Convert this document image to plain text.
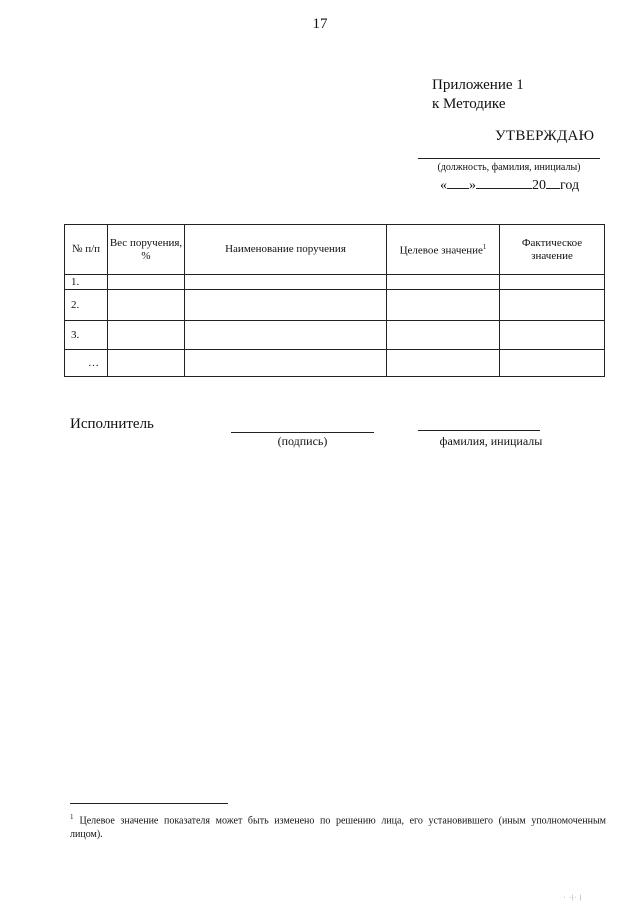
17
Приложение 1
к Методике
УТВЕРЖДАЮ
(должность, фамилия, инициалы)
« »	20 год
№ п/п	Вес поручения, %	Наименование поручения	Целевое значение$^1$	Фактическое значение
1.				
2.				
3.				
…				
Исполнитель
(подпись)	фамилия, инициалы
$^1$ Целевое значение показателя может быть изменено по решению лица, его установившего (иным уполномоченным лицом).
· ·|· |
